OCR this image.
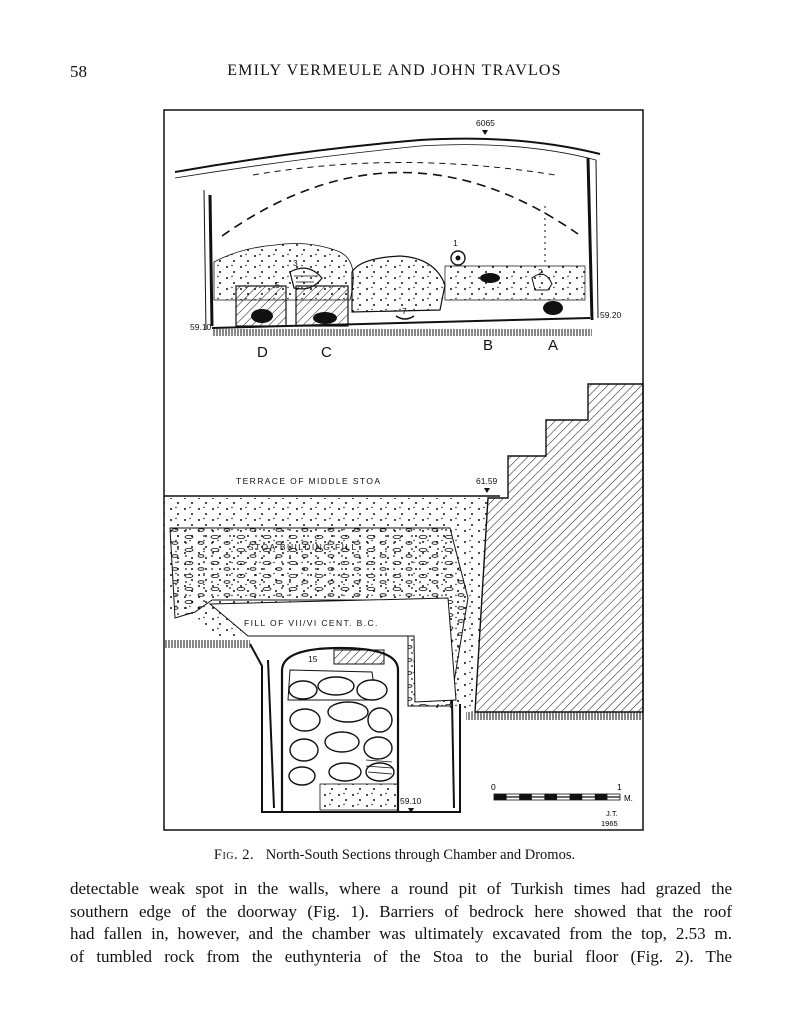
58	EMILY VERMEULE AND JOHN TRAVLOS
6065
59.10
59.20
1
2
3
5
7
D	C	B	A
TERRACE OF MIDDLE STOA	61.59
STOA BUILDING FILL
FILL OF VII/VI CENT. B.C.
15
59.10
0	1
M.
J.T.
1965
Fig. 2. North-South Sections through Chamber and Dromos.
detectable weak spot in the walls, where a round pit of Turkish times had grazed the
southern edge of the doorway (Fig. 1). Barriers of bedrock here showed that the roof
had fallen in, however, and the chamber was ultimately excavated from the top, 2.53 m.
of tumbled rock from the euthynteria of the Stoa to the burial floor (Fig. 2). The
